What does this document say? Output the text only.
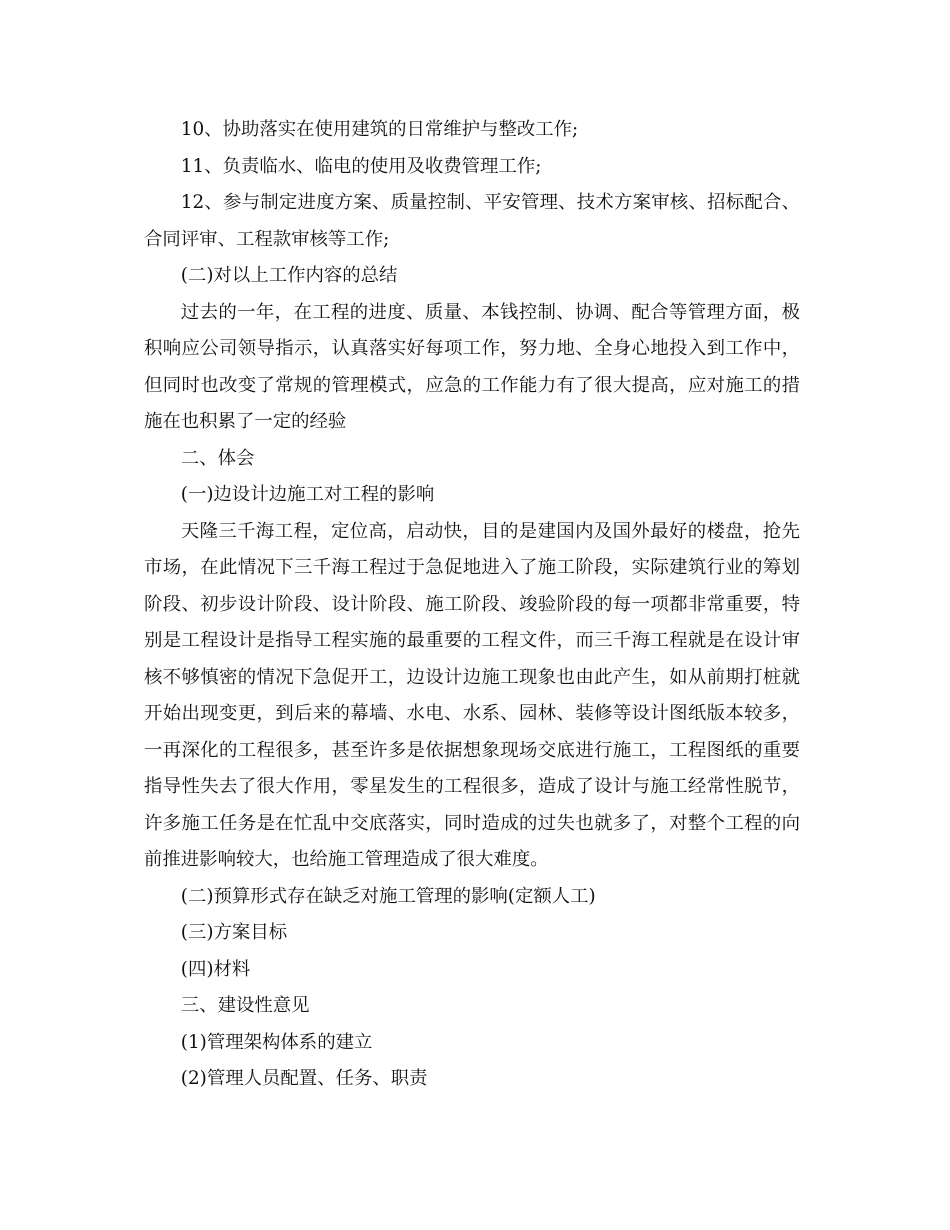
10、协助落实在使用建筑的日常维护与整改工作;

11、负责临水、临电的使用及收费管理工作;

12、参与制定进度方案、质量控制、平安管理、技术方案审核、招标配合、合同评审、工程款审核等工作;

(二)对以上工作内容的总结

过去的一年，在工程的进度、质量、本钱控制、协调、配合等管理方面，极积响应公司领导指示，认真落实好每项工作，努力地、全身心地投入到工作中，但同时也改变了常规的管理模式，应急的工作能力有了很大提高，应对施工的措施在也积累了一定的经验

二、体会

(一)边设计边施工对工程的影响

天隆三千海工程，定位高，启动快，目的是建国内及国外最好的楼盘，抢先市场，在此情况下三千海工程过于急促地进入了施工阶段，实际建筑行业的筹划阶段、初步设计阶段、设计阶段、施工阶段、竣验阶段的每一项都非常重要，特别是工程设计是指导工程实施的最重要的工程文件，而三千海工程就是在设计审核不够慎密的情况下急促开工，边设计边施工现象也由此产生，如从前期打桩就开始出现变更，到后来的幕墙、水电、水系、园林、装修等设计图纸版本较多，一再深化的工程很多，甚至许多是依据想象现场交底进行施工，工程图纸的重要指导性失去了很大作用，零星发生的工程很多，造成了设计与施工经常性脱节，许多施工任务是在忙乱中交底落实，同时造成的过失也就多了，对整个工程的向前推进影响较大，也给施工管理造成了很大难度。

(二)预算形式存在缺乏对施工管理的影响(定额人工)

(三)方案目标

(四)材料

三、建设性意见

(1)管理架构体系的建立

(2)管理人员配置、任务、职责
